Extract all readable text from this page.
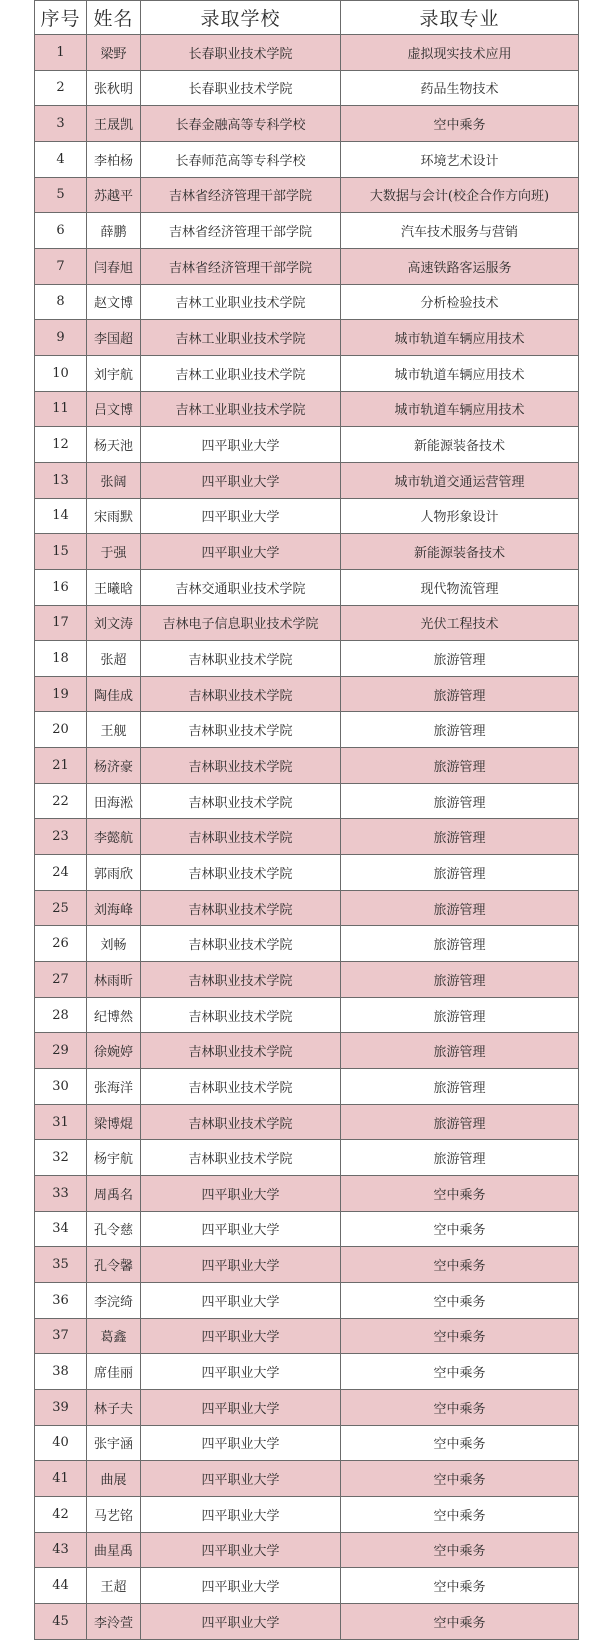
序号	姓名	录取学校	录取专业
1	梁野	长春职业技术学院	虚拟现实技术应用
2	张秋明	长春职业技术学院	药品生物技术
3	王晟凯	长春金融高等专科学校	空中乘务
4	李柏杨	长春师范高等专科学校	环境艺术设计
5	苏越平	吉林省经济管理干部学院	大数据与会计(校企合作方向班)
6	薛鹏	吉林省经济管理干部学院	汽车技术服务与营销
7	闫春旭	吉林省经济管理干部学院	高速铁路客运服务
8	赵文博	吉林工业职业技术学院	分析检验技术
9	李国超	吉林工业职业技术学院	城市轨道车辆应用技术
10	刘宇航	吉林工业职业技术学院	城市轨道车辆应用技术
11	吕文博	吉林工业职业技术学院	城市轨道车辆应用技术
12	杨天池	四平职业大学	新能源装备技术
13	张阔	四平职业大学	城市轨道交通运营管理
14	宋雨默	四平职业大学	人物形象设计
15	于强	四平职业大学	新能源装备技术
16	王曦晗	吉林交通职业技术学院	现代物流管理
17	刘文涛	吉林电子信息职业技术学院	光伏工程技术
18	张超	吉林职业技术学院	旅游管理
19	陶佳成	吉林职业技术学院	旅游管理
20	王舰	吉林职业技术学院	旅游管理
21	杨济豪	吉林职业技术学院	旅游管理
22	田海淞	吉林职业技术学院	旅游管理
23	李懿航	吉林职业技术学院	旅游管理
24	郭雨欣	吉林职业技术学院	旅游管理
25	刘海峰	吉林职业技术学院	旅游管理
26	刘畅	吉林职业技术学院	旅游管理
27	林雨昕	吉林职业技术学院	旅游管理
28	纪博然	吉林职业技术学院	旅游管理
29	徐婉婷	吉林职业技术学院	旅游管理
30	张海洋	吉林职业技术学院	旅游管理
31	梁博焜	吉林职业技术学院	旅游管理
32	杨宇航	吉林职业技术学院	旅游管理
33	周禹名	四平职业大学	空中乘务
34	孔令慈	四平职业大学	空中乘务
35	孔令馨	四平职业大学	空中乘务
36	李浣绮	四平职业大学	空中乘务
37	葛鑫	四平职业大学	空中乘务
38	席佳丽	四平职业大学	空中乘务
39	林子夫	四平职业大学	空中乘务
40	张宇涵	四平职业大学	空中乘务
41	曲展	四平职业大学	空中乘务
42	马艺铭	四平职业大学	空中乘务
43	曲星禹	四平职业大学	空中乘务
44	王超	四平职业大学	空中乘务
45	李泠萱	四平职业大学	空中乘务
